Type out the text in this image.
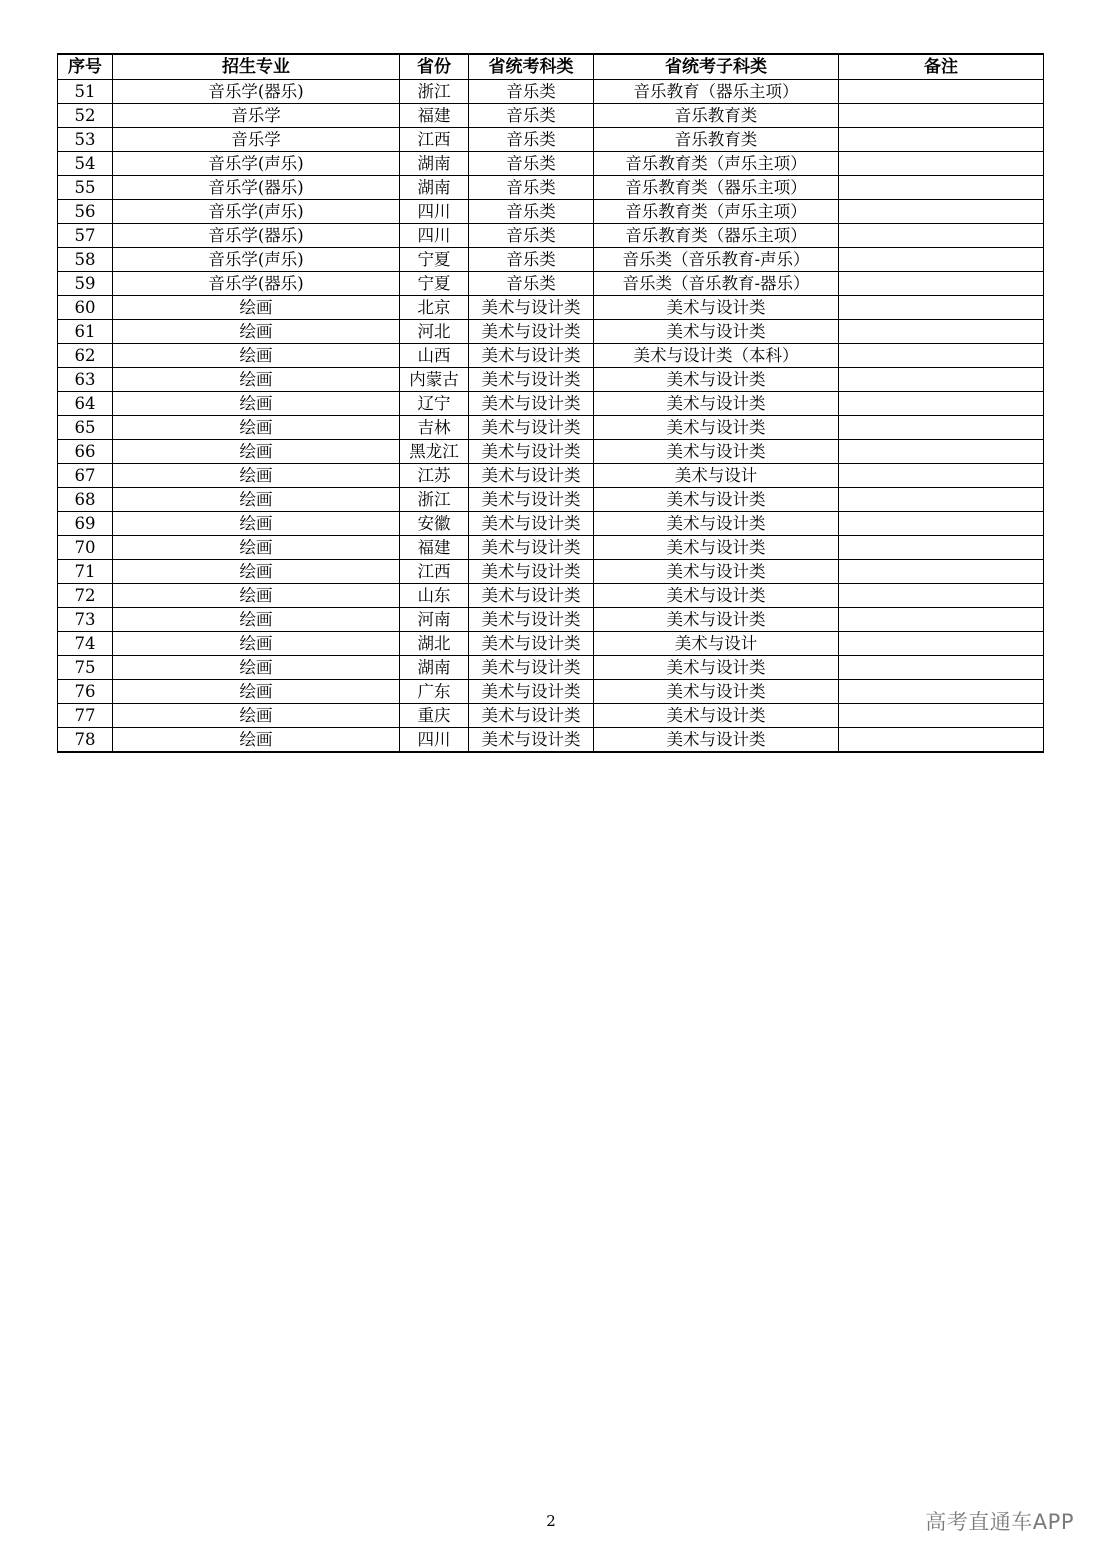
序号	招生专业	省份	省统考科类	省统考子科类	备注
51	音乐学(器乐)	浙江	音乐类	音乐教育（器乐主项）	
52	音乐学	福建	音乐类	音乐教育类	
53	音乐学	江西	音乐类	音乐教育类	
54	音乐学(声乐)	湖南	音乐类	音乐教育类（声乐主项）	
55	音乐学(器乐)	湖南	音乐类	音乐教育类（器乐主项）	
56	音乐学(声乐)	四川	音乐类	音乐教育类（声乐主项）	
57	音乐学(器乐)	四川	音乐类	音乐教育类（器乐主项）	
58	音乐学(声乐)	宁夏	音乐类	音乐类（音乐教育-声乐）	
59	音乐学(器乐)	宁夏	音乐类	音乐类（音乐教育-器乐）	
60	绘画	北京	美术与设计类	美术与设计类	
61	绘画	河北	美术与设计类	美术与设计类	
62	绘画	山西	美术与设计类	美术与设计类（本科）	
63	绘画	内蒙古	美术与设计类	美术与设计类	
64	绘画	辽宁	美术与设计类	美术与设计类	
65	绘画	吉林	美术与设计类	美术与设计类	
66	绘画	黑龙江	美术与设计类	美术与设计类	
67	绘画	江苏	美术与设计类	美术与设计	
68	绘画	浙江	美术与设计类	美术与设计类	
69	绘画	安徽	美术与设计类	美术与设计类	
70	绘画	福建	美术与设计类	美术与设计类	
71	绘画	江西	美术与设计类	美术与设计类	
72	绘画	山东	美术与设计类	美术与设计类	
73	绘画	河南	美术与设计类	美术与设计类	
74	绘画	湖北	美术与设计类	美术与设计	
75	绘画	湖南	美术与设计类	美术与设计类	
76	绘画	广东	美术与设计类	美术与设计类	
77	绘画	重庆	美术与设计类	美术与设计类	
78	绘画	四川	美术与设计类	美术与设计类	
2	高考直通车APP
